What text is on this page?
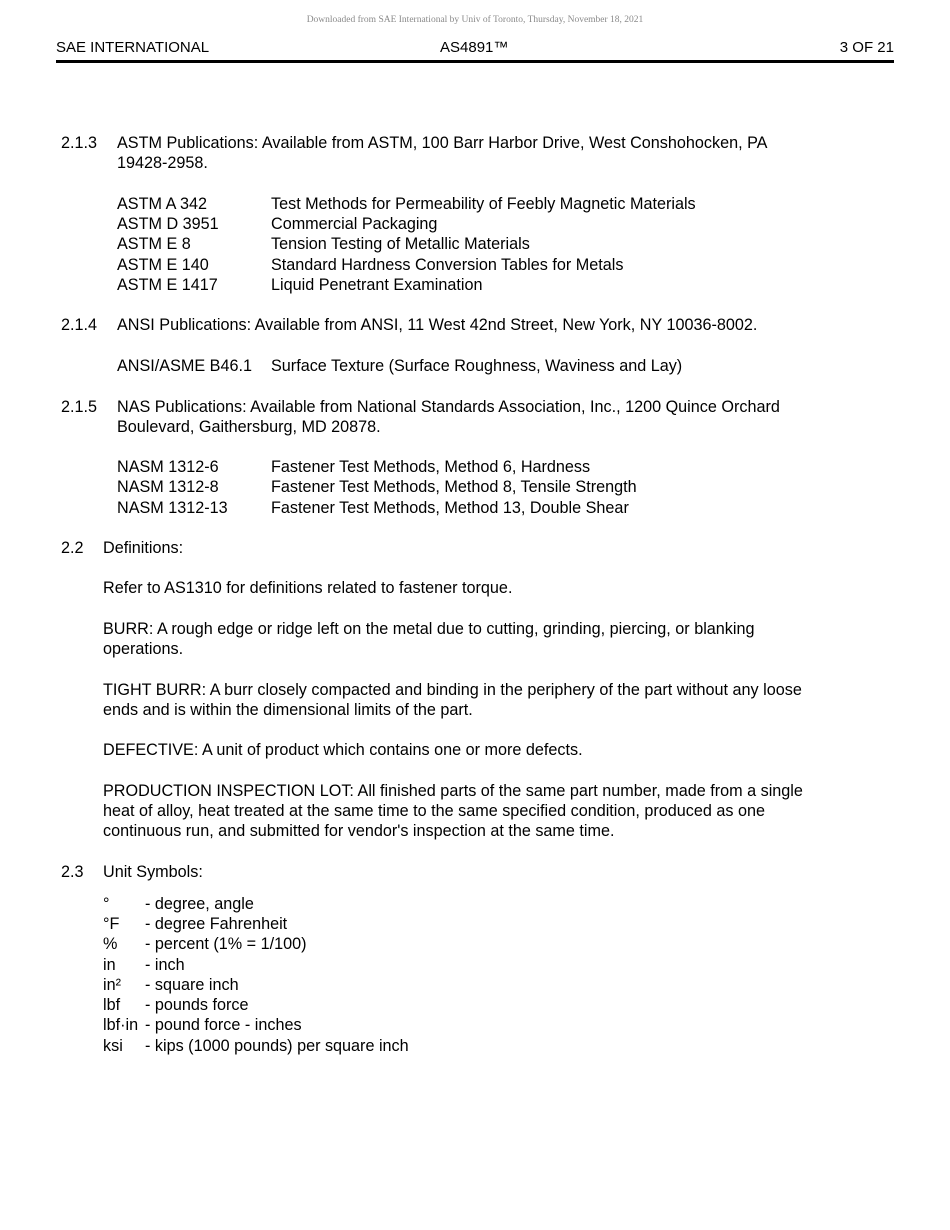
Downloaded from SAE International by Univ of Toronto, Thursday, November 18, 2021
SAE INTERNATIONAL	AS4891™	3 OF 21
2.1.3 ASTM Publications: Available from ASTM, 100 Barr Harbor Drive, West Conshohocken, PA
19428-2958.
ASTM A 342	Test Methods for Permeability of Feebly Magnetic Materials
ASTM D 3951	Commercial Packaging
ASTM E 8	Tension Testing of Metallic Materials
ASTM E 140	Standard Hardness Conversion Tables for Metals
ASTM E 1417	Liquid Penetrant Examination
2.1.4 ANSI Publications: Available from ANSI, 11 West 42nd Street, New York, NY 10036-8002.
ANSI/ASME B46.1 Surface Texture (Surface Roughness, Waviness and Lay)
2.1.5 NAS Publications: Available from National Standards Association, Inc., 1200 Quince Orchard
Boulevard, Gaithersburg, MD 20878.
NASM 1312-6	Fastener Test Methods, Method 6, Hardness
NASM 1312-8	Fastener Test Methods, Method 8, Tensile Strength
NASM 1312-13	Fastener Test Methods, Method 13, Double Shear
2.2 Definitions:
Refer to AS1310 for definitions related to fastener torque.
BURR: A rough edge or ridge left on the metal due to cutting, grinding, piercing, or blanking
operations.
TIGHT BURR: A burr closely compacted and binding in the periphery of the part without any loose
ends and is within the dimensional limits of the part.
DEFECTIVE: A unit of product which contains one or more defects.
PRODUCTION INSPECTION LOT: All finished parts of the same part number, made from a single
heat of alloy, heat treated at the same time to the same specified condition, produced as one
continuous run, and submitted for vendor's inspection at the same time.
2.3 Unit Symbols:
° - degree, angle
°F - degree Fahrenheit
% - percent (1% = 1/100)
in - inch
in² - square inch
lbf - pounds force
lbf·in - pound force - inches
ksi - kips (1000 pounds) per square inch
